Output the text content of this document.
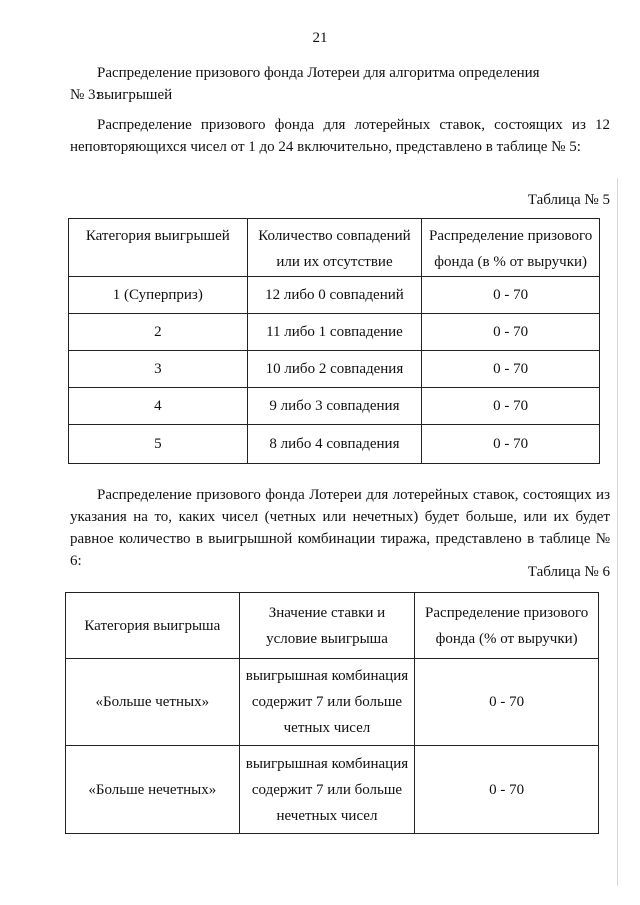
21
Распределение призового фонда Лотереи для алгоритма определения выигрышей
№ 3:

Распределение призового фонда для лотерейных ставок, состоящих из 12 неповторяющихся чисел от 1 до 24 включительно, представлено в таблице № 5:

Таблица № 5
Категория выигрышей	Количество совпадений или их отсутствие	Распределение призового фонда (в % от выручки)
1 (Суперприз)	12 либо 0 совпадений	0 - 70
2	11 либо 1 совпадение	0 - 70
3	10 либо 2 совпадения	0 - 70
4	9 либо 3 совпадения	0 - 70
5	8 либо 4 совпадения	0 - 70

Распределение призового фонда Лотереи для лотерейных ставок, состоящих из указания на то, каких чисел (четных или нечетных) будет больше, или их будет равное количество в выигрышной комбинации тиража, представлено в таблице № 6:

Таблица № 6
Категория выигрыша	Значение ставки и условие выигрыша	Распределение призового фонда (% от выручки)
«Больше четных»	выигрышная комбинация содержит 7 или больше четных чисел	0 - 70
«Больше нечетных»	выигрышная комбинация содержит 7 или больше нечетных чисел	0 - 70
